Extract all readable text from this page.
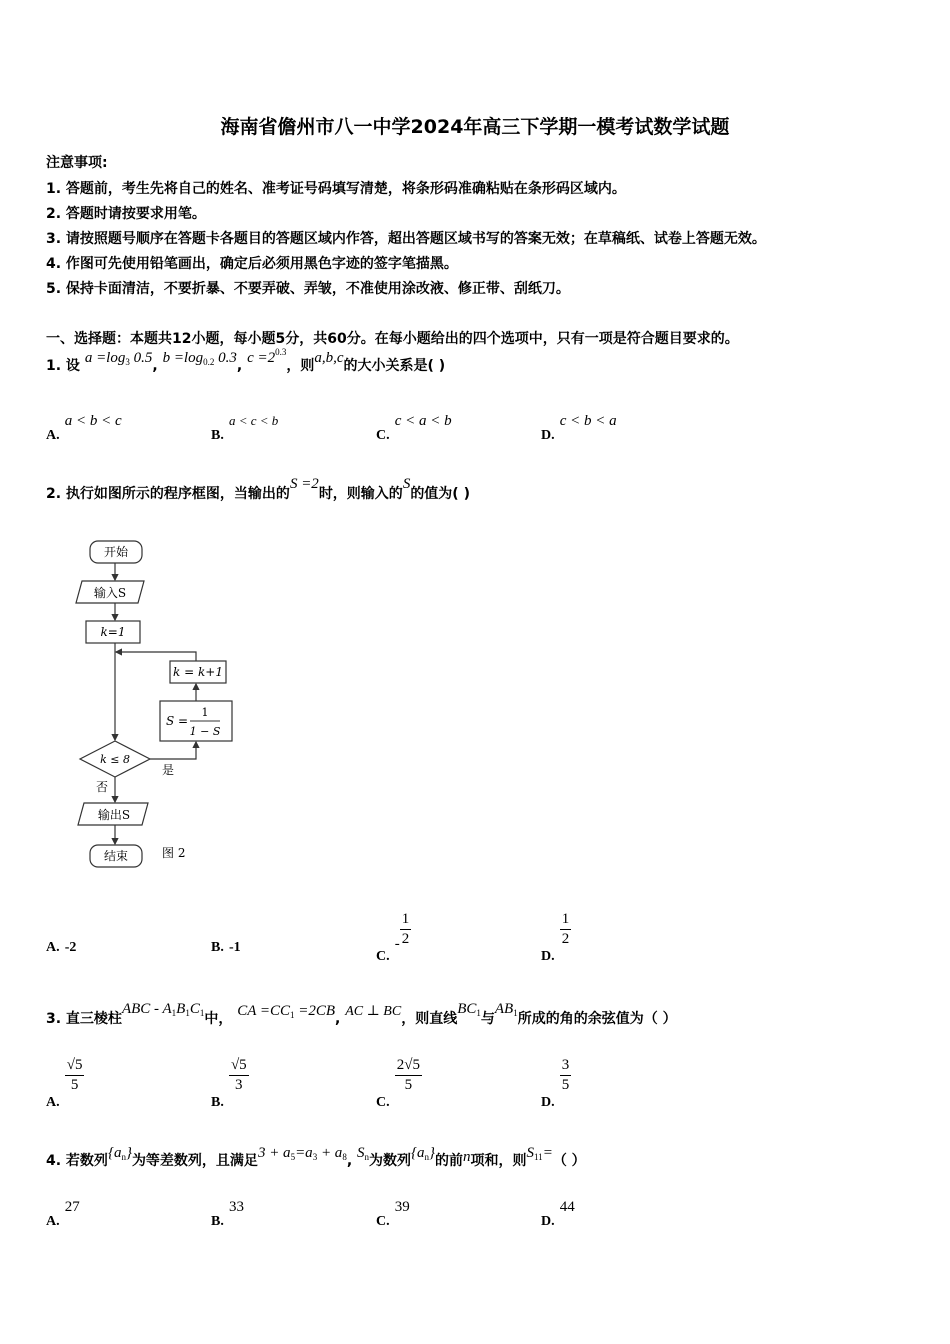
海南省儋州市八一中学2024年高三下学期一模考试数学试题
注意事项:
1. 答题前，考生先将自己的姓名、准考证号码填写清楚，将条形码准确粘贴在条形码区域内。
2. 答题时请按要求用笔。
3. 请按照题号顺序在答题卡各题目的答题区域内作答，超出答题区域书写的答案无效；在草稿纸、试卷上答题无效。
4. 作图可先使用铅笔画出，确定后必须用黑色字迹的签字笔描黑。
5. 保持卡面清洁，不要折暴、不要弄破、弄皱，不准使用涂改液、修正带、刮纸刀。
一、选择题：本题共12小题，每小题5分，共60分。在每小题给出的四个选项中，只有一项是符合题目要求的。
1. 设 $a =\log_3$ 0.5, $b =\log_{0.2}$ 0.3, $c =2^{0.3}$，则a,b,c的大小关系是( )
A. a < b < c
B. a < c < b
C. c < a < b
D. c < b < a
2. 执行如图所示的程序框图，当输出的S =2时，则输入的S的值为( )
开始
输入S
k=1
k = k+1
S =
1
1 − S
k ≤ 8
是
否
输出S
结束	图 2
A. -2	B. -1
C. - $\frac{1}{2}$
D.
$\frac{1}{2}$
3. 直三棱柱ABC - $A_1B_1C_1$中， CA $=CC_1 =2CB$, AC ⊥ BC，则直线$BC_1$与$AB_1$所成的角的余弦值为（ ）
A.
$\frac{√5}{5}$
B.
$\frac{√5}{3}$
C.
$\frac{2√5}{5}$
D.
$\frac{3}{5}$
4. 若数列$\{a_n\}$为等差数列，且满足$3 + a_5=a_3 + a_8$, $S_n$为数列$\{a_n\}$的前n项和，则$S_{11}=$（ ）
A. 27
B. 33
C. 39
D. 44
